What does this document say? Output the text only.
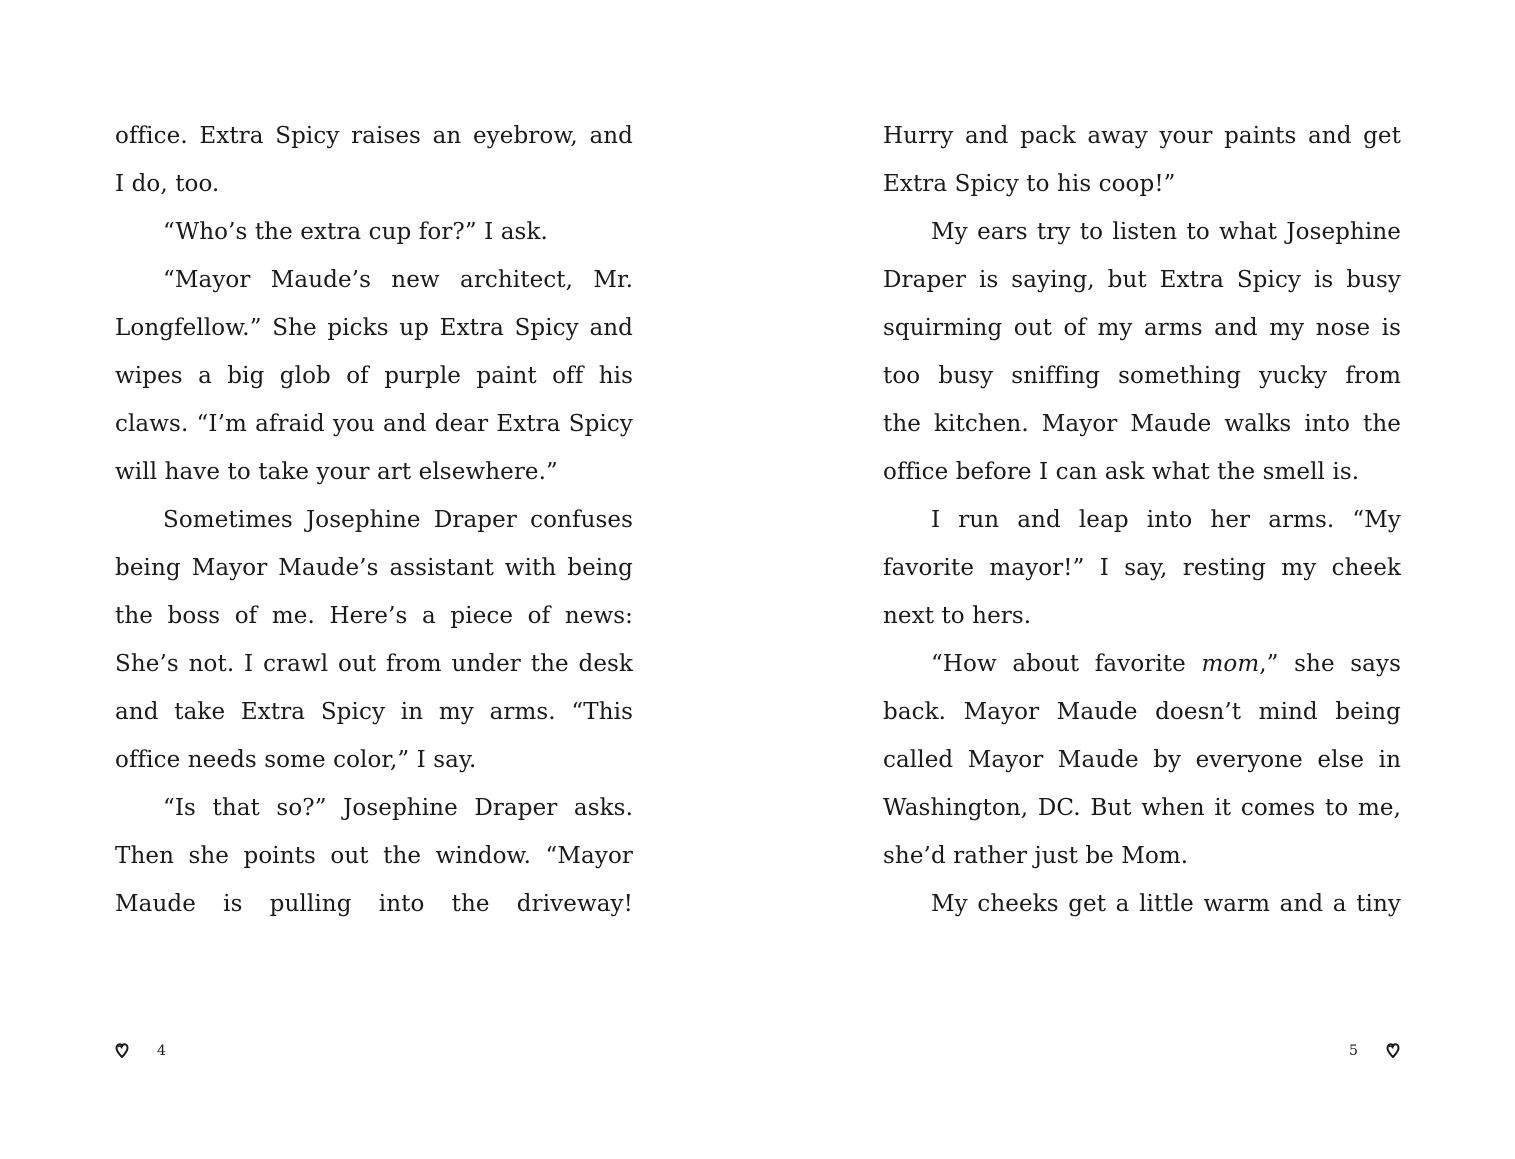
office. Extra Spicy raises an eyebrow, and
I do, too.
“Who’s the extra cup for?” I ask.
“Mayor Maude’s new architect, Mr.
Longfellow.” She picks up Extra Spicy and
wipes a big glob of purple paint off his
claws. “I’m afraid you and dear Extra Spicy
will have to take your art elsewhere.”
Sometimes Josephine Draper confuses
being Mayor Maude’s assistant with being
the boss of me. Here’s a piece of news:
She’s not. I crawl out from under the desk
and take Extra Spicy in my arms. “This
office needs some color,” I say.
“Is that so?” Josephine Draper asks.
Then she points out the window. “Mayor
Maude is pulling into the driveway!
Hurry and pack away your paints and get
Extra Spicy to his coop!”
My ears try to listen to what Josephine
Draper is saying, but Extra Spicy is busy
squirming out of my arms and my nose is
too busy sniffing something yucky from
the kitchen. Mayor Maude walks into the
office before I can ask what the smell is.
I run and leap into her arms. “My
favorite mayor!” I say, resting my cheek
next to hers.
“How about favorite mom,” she says
back. Mayor Maude doesn’t mind being
called Mayor Maude by everyone else in
Washington, DC. But when it comes to me,
she’d rather just be Mom.
My cheeks get a little warm and a tiny
4	5
